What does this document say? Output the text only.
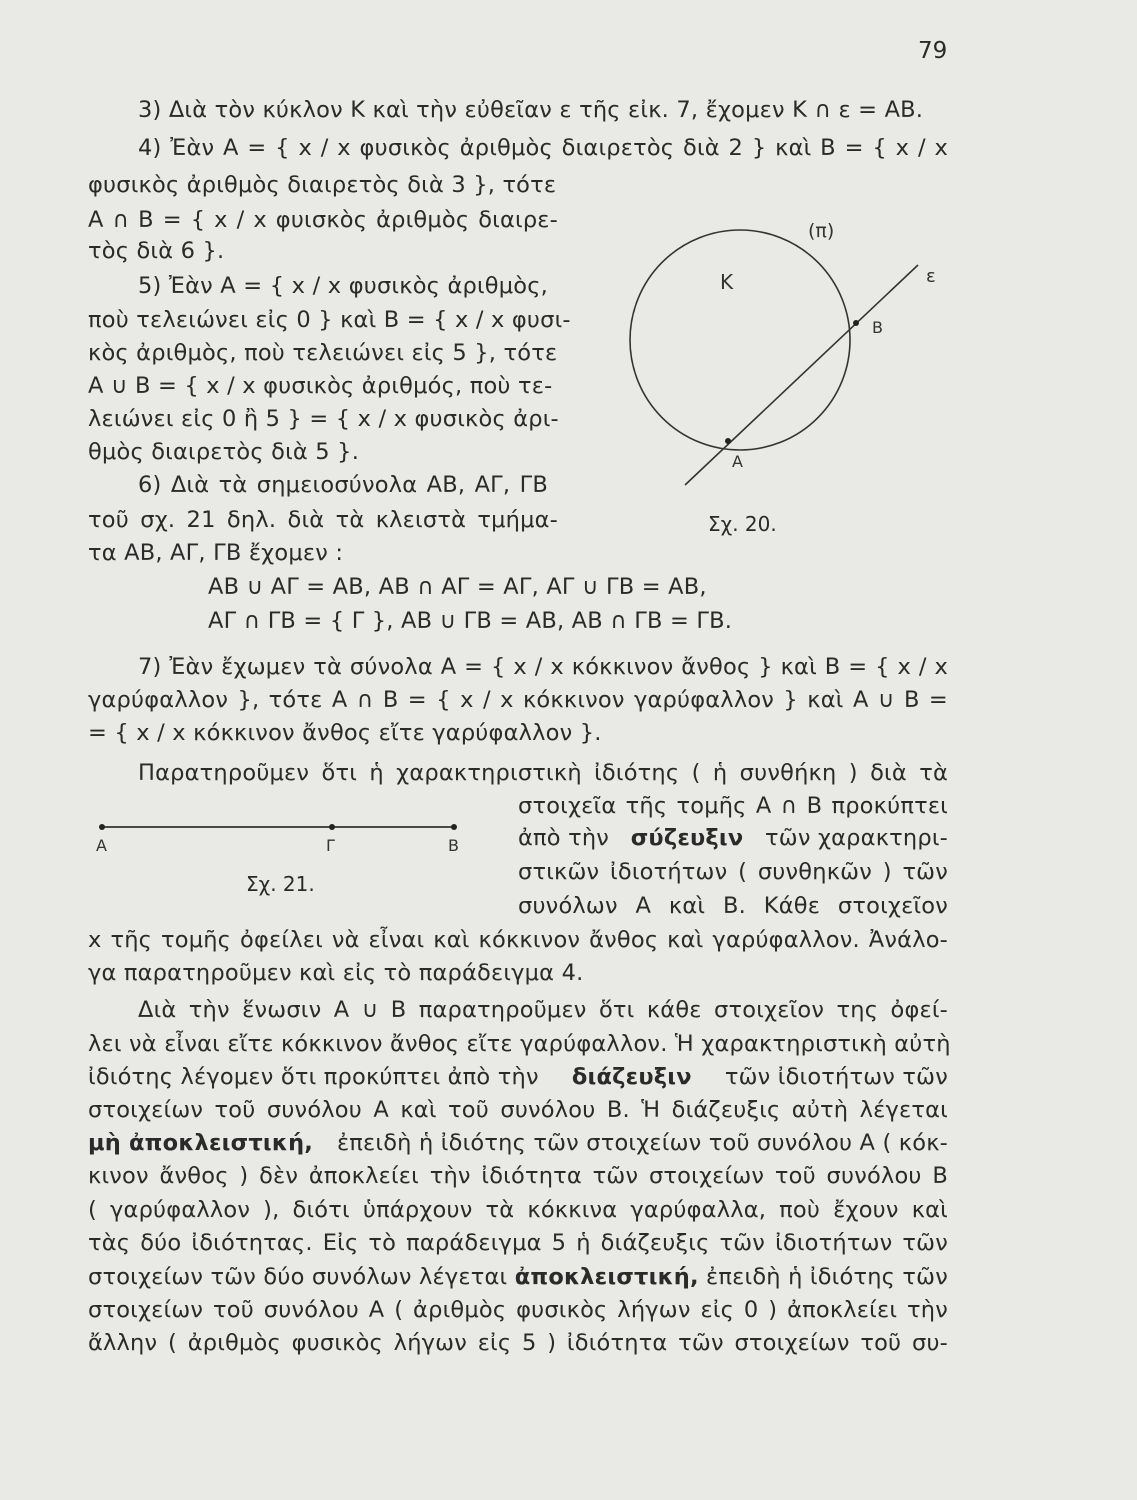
79
3) Διὰ τὸν κύκλον Κ καὶ τὴν εὐθεῖαν ε τῆς εἰκ. 7, ἔχομεν Κ ∩ ε = ΑΒ.
4) Ἐὰν Α = { x / x φυσικὸς ἀριθμὸς διαιρετὸς διὰ 2 } καὶ Β = { x / x
φυσικὸς ἀριθμὸς διαιρετὸς διὰ 3 }, τότε
Α ∩ Β = { x / x φυισκὸς ἀριθμὸς διαιρε-
τὸς διὰ 6 }.
5) Ἐὰν Α = { x / x φυσικὸς ἀριθμὸς,
ποὺ τελειώνει εἰς 0 } καὶ Β = { x / x φυσι-
κὸς ἀριθμὸς, ποὺ τελειώνει εἰς 5 }, τότε
Α ∪ Β = { x / x φυσικὸς ἀριθμός, ποὺ τε-
λειώνει εἰς 0 ἢ 5 } = { x / x φυσικὸς ἀρι-
θμὸς διαιρετὸς διὰ 5 }.
6) Διὰ τὰ σημειοσύνολα ΑΒ, ΑΓ, ΓΒ
τοῦ σχ. 21 δηλ. διὰ τὰ κλειστὰ τμήμα-
τα ΑΒ, ΑΓ, ΓΒ ἔχομεν :
ΑΒ ∪ ΑΓ = ΑΒ, ΑΒ ∩ ΑΓ = ΑΓ, ΑΓ ∪ ΓΒ = ΑΒ,
ΑΓ ∩ ΓΒ = { Γ }, ΑΒ ∪ ΓΒ = ΑΒ, ΑΒ ∩ ΓΒ = ΓΒ.
7) Ἐὰν ἔχωμεν τὰ σύνολα Α = { x / x κόκκινον ἄνθος } καὶ Β = { x / x
γαρύφαλλον }, τότε Α ∩ Β = { x / x κόκκινον γαρύφαλλον } καὶ Α ∪ Β =
= { x / x κόκκινον ἄνθος εἴτε γαρύφαλλον }.
Παρατηροῦμεν ὅτι ἡ χαρακτηριστικὴ ἰδιότης ( ἡ συνθήκη ) διὰ τὰ
στοιχεῖα τῆς τομῆς Α ∩ Β προκύπτει
ἀπὸ τὴν σύζευξιν τῶν χαρακτηρι-
στικῶν ἰδιοτήτων ( συνθηκῶν ) τῶν
συνόλων Α καὶ Β. Κάθε στοιχεῖον
x τῆς τομῆς ὀφείλει νὰ εἶναι καὶ κόκκινον ἄνθος καὶ γαρύφαλλον. Ἀνάλο-
γα παρατηροῦμεν καὶ εἰς τὸ παράδειγμα 4.
Διὰ τὴν ἕνωσιν Α ∪ Β παρατηροῦμεν ὅτι κάθε στοιχεῖον της ὀφεί-
λει νὰ εἶναι εἴτε κόκκινον ἄνθος εἴτε γαρύφαλλον. Ἡ χαρακτηριστικὴ αὐτὴ
ἰδιότης λέγομεν ὅτι προκύπτει ἀπὸ τὴν διάζευξιν τῶν ἰδιοτήτων τῶν
στοιχείων τοῦ συνόλου Α καὶ τοῦ συνόλου Β. Ἡ διάζευξις αὐτὴ λέγεται
μὴ ἀποκλειστική, ἐπειδὴ ἡ ἰδιότης τῶν στοιχείων τοῦ συνόλου Α ( κόκ-
κινον ἄνθος ) δὲν ἀποκλείει τὴν ἰδιότητα τῶν στοιχείων τοῦ συνόλου Β
( γαρύφαλλον ), διότι ὑπάρχουν τὰ κόκκινα γαρύφαλλα, ποὺ ἔχουν καὶ
τὰς δύο ἰδιότητας. Εἰς τὸ παράδειγμα 5 ἡ διάζευξις τῶν ἰδιοτήτων τῶν
στοιχείων τῶν δύο συνόλων λέγεται ἀποκλειστική, ἐπειδὴ ἡ ἰδιότης τῶν
στοιχείων τοῦ συνόλου Α ( ἀριθμὸς φυσικὸς λήγων εἰς 0 ) ἀποκλείει τὴν
ἄλλην ( ἀριθμὸς φυσικὸς λήγων εἰς 5 ) ἰδιότητα τῶν στοιχείων τοῦ συ-
(π)
Κ	ε
Β
Α
Σχ. 20.
Α	Γ	Β
Σχ. 21.
